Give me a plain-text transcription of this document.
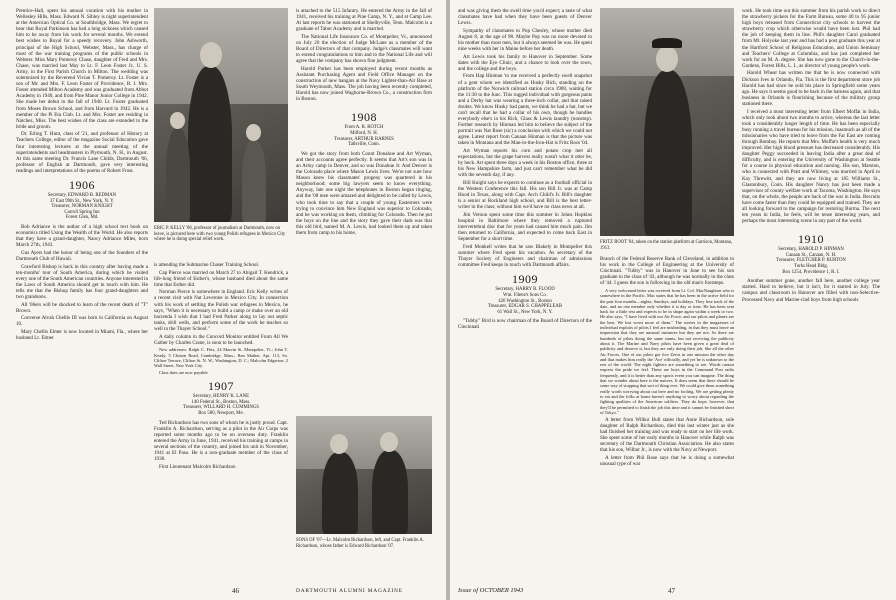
Prentice-Hall, spent his annual vacation with his mother in Wellesley Hills, Mass. Edward N. Sibley is night superintendent at the American Optical Co. at Southbridge, Mass. We regret to hear that Royal Parkinson has had a long sickness which caused him to be away from his work for several months. We extend best wishes to Royal for a speedy recovery. John Ashworth, principal of the High School, Webster, Mass., has charge of most of the war training programs of the public schools in Webster. Miss Mary Pomeroy Chase, daughter of Fred and Mrs. Chase, was married last May to Lt. F. Leon Foster Jr., U. S. Army, in the First Parish Church in Milton. The wedding was solemnized by the Reverend Vivian T. Pomeroy. Lt. Foster is a son of Mr. and Mrs. F. Leon Foster of Providence, R. I. Mrs. Foster attended Milton Academy and was graduated from Abbot Academy in 1940, and from Pine Manor Junior College in 1942. She made her debut in the fall of 1940. Lt. Foster graduated from Moses Brown School, and from Harvard in 1942. He is a member of the Pi Eta Club. Lt. and Mrs. Foster are residing in Natchez, Miss. The best wishes of the class are extended to the bride and groom.

Dr. Erling T. Hunt, class of '21, and professor of History at Teachers College, editor of the magazine Social Education gave four interesting lectures at the annual meeting of the superintendents and headmasters in Plymouth, N. H., in August. At this same meeting Dr. Francis Lane Childs, Dartmouth '06, professor of English at Dartmouth, gave very interesting readings and interpretations of the poems of Robert Frost.

1906
Secretary, EDWARD B. REDMAN
37 East 99th St., New York, N. Y.
Treasurer, NORMAN KNIGHT
Carroll Spring Inn
Forest Glen, Md.

Bob Adriance is the author of a high school text book on economics titled Using the Wealth of the World. He also reports that they have a grand-daughter, Nancy Adriance Miles, born March 27th, 1943.

Gus Ayers had the honor of being one of the founders of the Dartmouth Club of Hawaii.

Crawford Bishop is back in this country after having made a ten-months' tour of South America, during which he visited every one of the South American countries. Anyone interested in the Laws of South America should get in touch with him. He tells me that the Bishop family has four grand-daughters and two grandsons.

All '06ers will be shocked to learn of the recent death of "T" Brown.

Converse Alvah Chellis III was born in California on August 10.

Mary Chellis Elmer is now located in Miami, Fla., where her husband Lt. Elmer

ERIC P. KELLY '06, professor of journalism at Dartmouth, now on leave, is pictured here with two young Polish refugees in Mexico City where he is doing special relief work.

is attending the Submarine Chaser Training School.

Cap Pierce was married on March 27 to Abigail T. Kendrick, a life-long friend of Esther's, whose husband died about the same time that Esther did.

Norman Pierce is somewhere in England. Eric Kelly writes of a recent visit with Nat Leverone in Mexico City. In connection with his work of settling the Polish war refugees in Mexico, he says, "When it is necessary to build a camp or make over an old hacienda I wish that I had Fred Parker along to lay out septic tanks, drill wells, and perform some of the work he teaches so well in the Thayer School."

A daily column in the Concord Monitor entitled From All We Gather by Charles Crane, is soon to be launched.

New addresses: Ralph C. Fitts, 24 Marvin St. Montpelier, Vt.; John T. Keady, 5 Clinton Road, Cambridge, Mass.; Ben Mather, Apt. 113, So. Clifton Terrace, Clifton St. N. W., Washington, D. C.; Malcolm Edgerton, 2 Wall Street, New York City.

Class dues are now payable.

1907
Secretary, HENRY K. LANE
140 Federal St., Boston, Mass.
Treasurer, WILLARD H. CUMMINGS
Box 580, Newport, Me.

Ted Richardson has two sons of whom he is justly proud. Capt. Franklin A. Richardson, serving as a pilot in the Air Corps was reported some months ago to be on overseas duty. Franklin entered the Army in June, 1941, received his training at camps in several sections of the country, and joined his unit in November, 1941 at El Paso. He is a non-graduate member of the class of 1938.

First Lieutenant Malcolm Richardson

is attached to the 515 Infantry. He entered the Army in the fall of 1941, received his training at Pine Camp, N. Y., and at Camp Lee. At last reports he was stationed at Shelbyville, Tenn. Malcolm is a graduate of Tabor Academy and is married.

The National Life Insurance Co. of Montpelier, Vt., announced on July 20 the election of Judge McLane as a member of the Board of Directors of that company. Judge's classmates will want to extend congratulations to him and to the National Life and will agree that the company has shown fine judgment.

Harold Parker has been employed during recent months as Assistant Purchasing Agent and Field Office Manager on the construction of new hangars at the Navy Lighter-than-Air Base at South Weymouth, Mass. The job having been recently completed, Harold has now joined Waghorne-Brown Co., a construction firm in Boston.

1908
From A. R. ROTCH
Milford, N. H.
Treasurer, ARTHUR BARNES
Tallsville, Conn.

We got the story from both Count Donahue and Art Wyman, and their accounts agree perfectly. It seems that Art's son was in an Army camp in Denver, and so was Donahue Jr. And Denver is the Colorado place where Mason Lewis lives. We're not sure how Mason knew his classmates' progeny was quartered in his neighborhood; some big lawyers seem to know everything. Anyway, late one night the telephones in Boston began ringing, and the '08 men were amazed and delighted to be called by Lewis, who took time to say that a couple of young Easterners were trying to convince him New England was superior to Colorado, and he was working on them, climbing for Colorado. Then he put the boys on the line and the story they gave their dads was that this old bird, named M. A. Lewis, had looked them up and taken them from camp to his home,

SONS OF '07—Lt. Malcolm Richardson, left, and Capt. Franklin A. Richardson, whose father is Edward Richardson '07.
46	DARTMOUTH ALUMNI MAGAZINE

and was giving them the swell time you'd expect; a taste of what classmates have had when they have been guests of Denver Lewis.

Sympathy of classmates to Pop Chesley, whose mother died August 8, at the age of 98. Maybe Pop was no more devoted to his mother than most men, but it always seemed he was. He spent nine weeks with her in Maine before her death.

Art Lewis took his family to Hanover in September. Some dates with the Eye Clinic, and a chance to look over the town, and the college and the boys.

From Hap Hinman 'to me received a perfectly swell snapshot of a gent whom we identified as Husky Rich, standing on the platform of the Norwich railroad station circa 1908, waiting for the 11:30 to the Junc. This rugged individual with gorgeous pants and a Derby hat was wearing a three-inch collar, and that raised doubts. We know Husky had pants, we think he had a hat, but we can't recall that he had a collar of his own, though he handles everybody else's in his Rich, Glass & Lewis laundry (nonstop). Further research by Hinman led him to believe the subject of the portrait was Nat Rose (sic) a conclusion with which we could not agree. Latest report from Canaan Hinman is that the picture was taken in Montana and the Man-in-the-Iron-Hat is Fritz Root '04.

Art Wyman reports his corn and potato crop met all expectations, but the grape harvest really wasn't what it otter be, by heck. Art spent three days a week in his Boston office, three at his New Hampshire farm, and just can't remember what he did with the seventh day, if any.

Bill Knight says he expects to continue as a football official in the Western Conference this fall. His son Bill Jr. was at Camp Hood in Texas, along with Capt. Arch Child's Jr. Bill's daughter is a senior at Rockland high school, and Bill is the best letter-writer in the class; without him we'd have no class news at all.

Jim Vernon spent some time this summer in Johns Hopkins hospital in Baltimore where they removed a ruptured intervertebral disc that for years had caused him much pain. Jim then returned to California, and expected to come back East in September for a short time.

Fred Monkell writes that he saw Blakely in Montpelier this summer where Fred spent his vacation. As secretary of the Thayer Society of Engineers and chairman of admissions committee Fred keeps in touch with Dartmouth affairs.

1909
Secretary, HARRY R. FLOOD
Wm. Filene's Sons Co.
426 Washington St., Boston
Treasurer, EDGAR S. CHAPPELEAR
61 Wall St., New York, N. Y.

"Tubby" Bird is now chairman of the Board of Directors of the Cincinnati

FRITZ ROOT '04, taken on the station platform at Garrison, Montana, 1913.

Branch of the Federal Reserve Bank of Cleveland, in addition to his work in the College of Engineering at the University of Cincinnati. "Tubby" was in Hanover in June to see his son graduate in the class of '43, although he was normally in the class of '44. I guess the son is following in the old man's footsteps.

A very welcomed letter was received from Lt. Col. MacNaughton who is somewhere in the Pacific. Mac states that he has been in the active field for the past four months—nights, Sundays, and holidays. They lose track of the date, and no one member only whether it is day or time. He has been sent back for a little rest and expects to be in shape again within a week or two. He also says, "I have lived with our Air Force, and our pilots and planes are the best. We lost worst more of them." The stories in the magazines of individual exploits of pilots I feel are misleading, in that they must leave an impression that they are unusual instances but they are not. So there are hundreds of pilots doing the same stunts, but not receiving the publicity about it. The Marine and Navy pilots have been given a great deal of publicity and deserve it, but they are only doing their job, like all the other Air Forces. One of our pilots got five Zeros in one mission the other day and that makes him really the 'Ace' officially, and yet he is unknown to the rest of the world. The night fighters are something to see. Words cannot express the pride we feel. These are boys in the Command Post radio frequently, and it is better than any sports event you can imagine. The thing that we wonder about here is the natives. It does seem that there should be some way of stopping that sort of thing ever. We could give them something really worth worrying about out here and no fooling. We are getting plenty to eat and the folks at home haven't anything to worry about regarding the fighting qualities of the American soldiers. They do hope, however, that they'll be permitted to finish the job this time and it cannot be finished short of Tokyo."

A letter from Wilbur Bull states that Anne Richardson, sole daughter of Ralph Richardson, died this last winter just as she had finished her training and was ready to start on her life work. She spent some of her early months in Hanover while Ralph was secretary of the Dartmouth Christian Association. He also states that his son, Wilbur Jr., is now with the Navy at Newport.

A letter from Phil Rose says that he is doing a somewhat unusual type of war

work. He took time out this summer from his parish work to direct the strawberry pickers for the Farm Bureau, some 40 to 95 junior high boys released from Connecticut city schools to harvest the strawberry crop which otherwise would have been lost. Phil had the job of keeping them in line. Phil's daughter Carol graduated from Mt. Holyoke last year and has had a post graduate this year at the Hartford School of Religious Education, and Union Seminary and Teachers' College at Columbia, and has just completed her work for an M. A. degree. She has now gone to the Church-in-the-Gardens, Forest Hills, L. I., as director of young people's work.

Harold Wheat has written me that he is now connected with Dickson Ives in Orlando, Fla. This is the first department store job Harold has had since he sold his place in Springfield some years ago. He says it seems good to be back in the harness again, and that business in Orlando is flourishing because of the military group stationed there.

I received a most interesting letter from Elbert Moffat in India, which only took about two months to arrive, whereas the last letter took a considerably longer length of time. He has been especially busy running a travel bureau for his mission, inasmuch as all of the missionaries who have tried to leave from the Far East are coming through Bombay. He reports that Mrs. Moffat's health is very much improved. Her high blood pressure has decreased considerably. His daughter Peggy succeeded in leaving India after a great deal of difficulty, and is entering the University of Washington at Seattle for a course in physical education and nursing. His son, Marston, who is connected with Pratt and Whitney, was married in April to Kay Threwitt, and they are now living at 185 Williams St., Glastonbury, Conn. His daughter Nancy has just been made a supervisor of county welfare work at Tacoma, Washington. He says that, on the whole, the people are back of the war in India. Recruits have come faster than they could be equipped and trained. They are all looking forward to the campaign for restoring Burma. The next ten years in India, he feels, will be tense interesting years, and perhaps the most interesting scene in any part of the world.

1910
Secretary, HAROLD P. HINMAN
Canaan St., Canaan, N. H.
Treasurer, FLETCHER P. BURTON
Turks Head Bldg.
Box 1254, Providence 1, R. I.

Another summer gone, another fall here, another college year started. Hard to believe, but it isn't, for it started in July. The campus and classroom in Hanover are filled with non-Selective-Processed Navy and Marine-clad boys from high schools

Issue of OCTOBER 1943	47
